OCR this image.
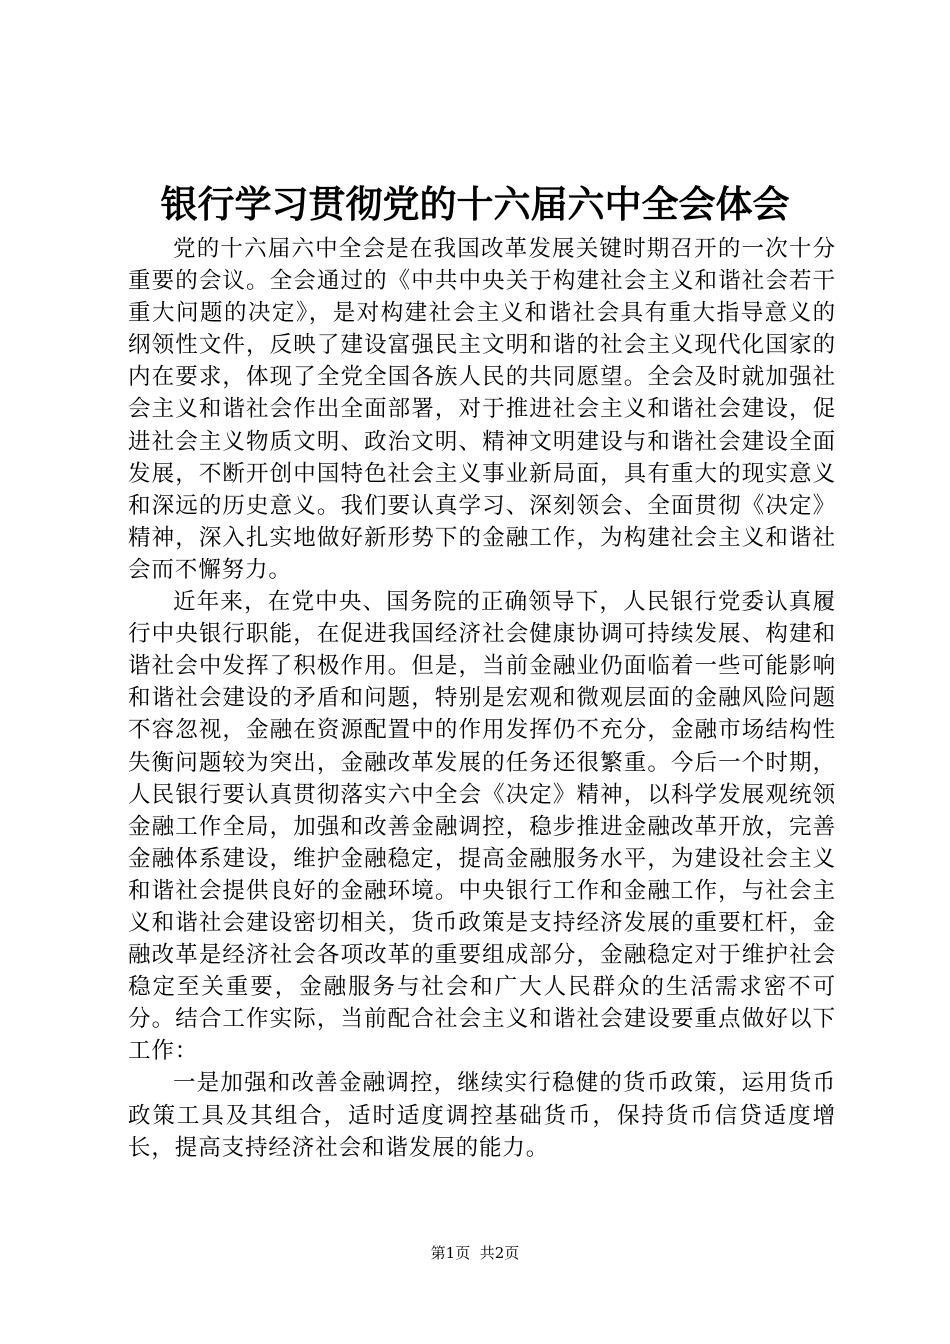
银行学习贯彻党的十六届六中全会体会

党的十六届六中全会是在我国改革发展关键时期召开的一次十分重要的会议。全会通过的《中共中央关于构建社会主义和谐社会若干重大问题的决定》，是对构建社会主义和谐社会具有重大指导意义的纲领性文件，反映了建设富强民主文明和谐的社会主义现代化国家的内在要求，体现了全党全国各族人民的共同愿望。全会及时就加强社会主义和谐社会作出全面部署，对于推进社会主义和谐社会建设，促进社会主义物质文明、政治文明、精神文明建设与和谐社会建设全面发展，不断开创中国特色社会主义事业新局面，具有重大的现实意义和深远的历史意义。我们要认真学习、深刻领会、全面贯彻《决定》精神，深入扎实地做好新形势下的金融工作，为构建社会主义和谐社会而不懈努力。

近年来，在党中央、国务院的正确领导下，人民银行党委认真履行中央银行职能，在促进我国经济社会健康协调可持续发展、构建和谐社会中发挥了积极作用。但是，当前金融业仍面临着一些可能影响和谐社会建设的矛盾和问题，特别是宏观和微观层面的金融风险问题不容忽视，金融在资源配置中的作用发挥仍不充分，金融市场结构性失衡问题较为突出，金融改革发展的任务还很繁重。今后一个时期，人民银行要认真贯彻落实六中全会《决定》精神，以科学发展观统领金融工作全局，加强和改善金融调控，稳步推进金融改革开放，完善金融体系建设，维护金融稳定，提高金融服务水平，为建设社会主义和谐社会提供良好的金融环境。中央银行工作和金融工作，与社会主义和谐社会建设密切相关，货币政策是支持经济发展的重要杠杆，金融改革是经济社会各项改革的重要组成部分，金融稳定对于维护社会稳定至关重要，金融服务与社会和广大人民群众的生活需求密不可分。结合工作实际，当前配合社会主义和谐社会建设要重点做好以下工作：

一是加强和改善金融调控，继续实行稳健的货币政策，运用货币政策工具及其组合，适时适度调控基础货币，保持货币信贷适度增长，提高支持经济社会和谐发展的能力。

第1页 共2页
